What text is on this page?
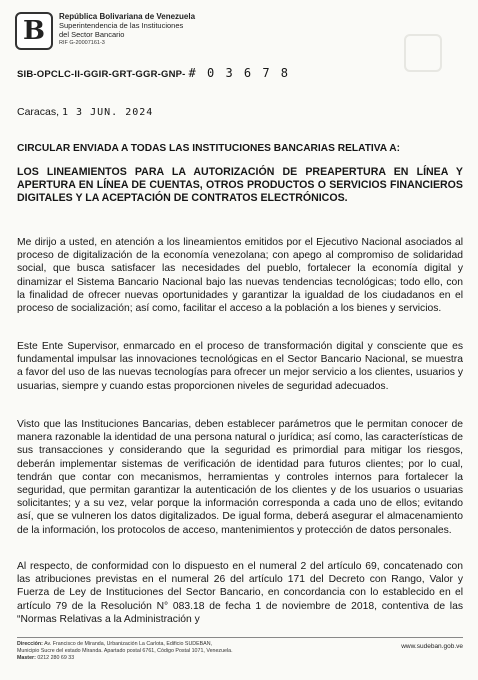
B	República Bolivariana de Venezuela
Superintendencia de las Instituciones
del Sector Bancario
RIF G-20007161-3
SIB-OPCLC-II-GGIR-GRT-GGR-GNP- # 0 3 6 7 8
Caracas, 1 3 JUN. 2024
CIRCULAR ENVIADA A TODAS LAS INSTITUCIONES BANCARIAS RELATIVA A:
LOS LINEAMIENTOS PARA LA AUTORIZACIÓN DE PREAPERTURA EN LÍNEA Y APERTURA EN LÍNEA DE CUENTAS, OTROS PRODUCTOS O SERVICIOS FINANCIEROS DIGITALES Y LA ACEPTACIÓN DE CONTRATOS ELECTRÓNICOS.
Me dirijo a usted, en atención a los lineamientos emitidos por el Ejecutivo Nacional asociados al proceso de digitalización de la economía venezolana; con apego al compromiso de solidaridad social, que busca satisfacer las necesidades del pueblo, fortalecer la economía digital y dinamizar el Sistema Bancario Nacional bajo las nuevas tendencias tecnológicas; todo ello, con la finalidad de ofrecer nuevas oportunidades y garantizar la igualdad de los ciudadanos en el proceso de socialización; así como, facilitar el acceso a la población a los bienes y servicios.
Este Ente Supervisor, enmarcado en el proceso de transformación digital y consciente que es fundamental impulsar las innovaciones tecnológicas en el Sector Bancario Nacional, se muestra a favor del uso de las nuevas tecnologías para ofrecer un mejor servicio a los clientes, usuarios y usuarias, siempre y cuando estas proporcionen niveles de seguridad adecuados.
Visto que las Instituciones Bancarias, deben establecer parámetros que le permitan conocer de manera razonable la identidad de una persona natural o jurídica; así como, las características de sus transacciones y considerando que la seguridad es primordial para mitigar los riesgos, deberán implementar sistemas de verificación de identidad para futuros clientes; por lo cual, tendrán que contar con mecanismos, herramientas y controles internos para fortalecer la seguridad, que permitan garantizar la autenticación de los clientes y de los usuarios o usuarias solicitantes; y a su vez, velar porque la información corresponda a cada uno de ellos; evitando así, que se vulneren los datos digitalizados. De igual forma, deberá asegurar el almacenamiento de la información, los protocolos de acceso, mantenimientos y protección de datos personales.
Al respecto, de conformidad con lo dispuesto en el numeral 2 del artículo 69, concatenado con las atribuciones previstas en el numeral 26 del artículo 171 del Decreto con Rango, Valor y Fuerza de Ley de Instituciones del Sector Bancario, en concordancia con lo establecido en el artículo 79 de la Resolución N° 083.18 de fecha 1 de noviembre de 2018, contentiva de las “Normas Relativas a la Administración y
Dirección: Av. Francisco de Miranda, Urbanización La Carlota, Edificio SUDEBAN,
Municipio Sucre del estado Miranda. Apartado postal 6761, Código Postal 1071, Venezuela.
Master: 0212 280 69 33
www.sudeban.gob.ve
